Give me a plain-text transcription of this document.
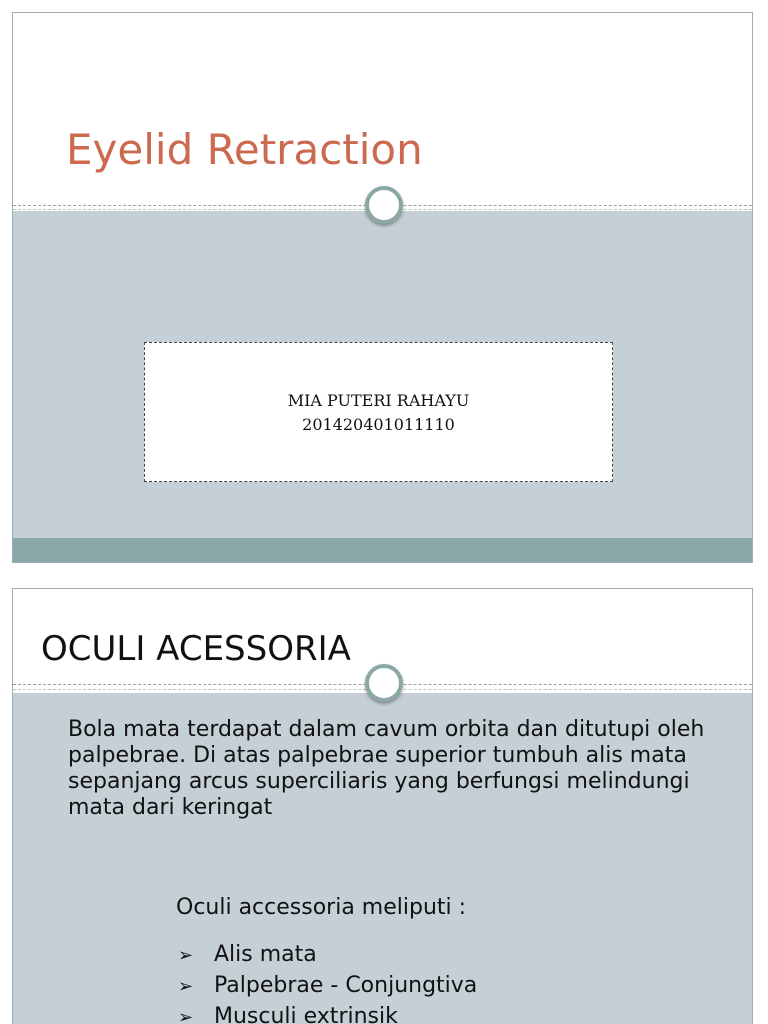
Eyelid Retraction
MIA PUTERI RAHAYU
201420401011110
OCULI ACESSORIA
Bola mata terdapat dalam cavum orbita dan ditutupi oleh palpebrae. Di atas palpebrae superior tumbuh alis mata sepanjang arcus superciliaris yang berfungsi melindungi mata dari keringat
Oculi accessoria meliputi :
➢ Alis mata
➢ Palpebrae - Conjungtiva
➢ Musculi extrinsik
